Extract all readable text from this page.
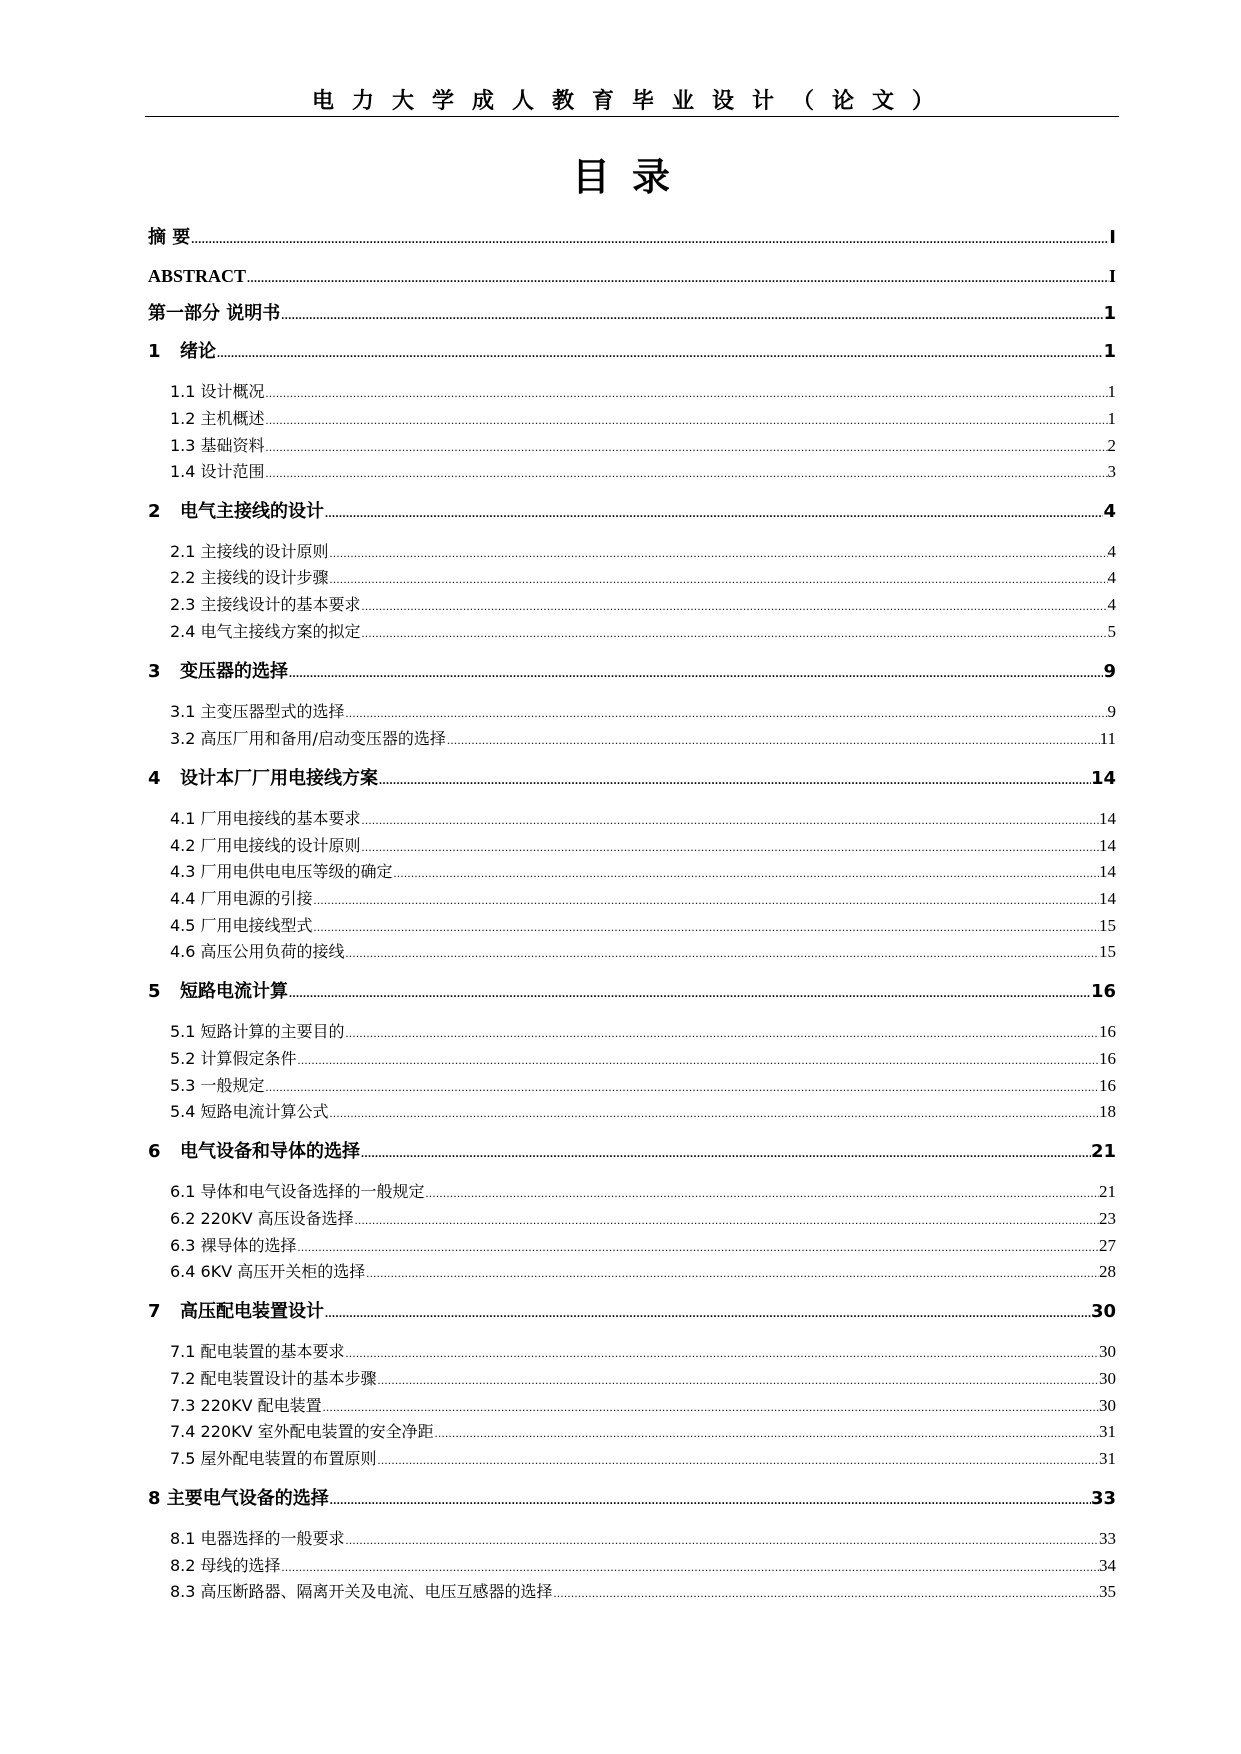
电力大学成人教育毕业设计（论文）
目录
摘 要 .....	I
ABSTRACT .....	I
第一部分 说明书 .....	1
1 绪论 .....	1
1.1 设计概况 .....	1
1.2 主机概述 .....	1
1.3 基础资料 .....	2
1.4 设计范围 .....	3
2 电气主接线的设计 .....	4
2.1 主接线的设计原则 .....	4
2.2 主接线的设计步骤 .....	4
2.3 主接线设计的基本要求 .....	4
2.4 电气主接线方案的拟定 .....	5
3 变压器的选择 .....	9
3.1 主变压器型式的选择 .....	9
3.2 高压厂用和备用/启动变压器的选择 .....	11
4 设计本厂厂用电接线方案 .....	14
4.1 厂用电接线的基本要求 .....	14
4.2 厂用电接线的设计原则 .....	14
4.3 厂用电供电电压等级的确定 .....	14
4.4 厂用电源的引接 .....	14
4.5 厂用电接线型式 .....	15
4.6 高压公用负荷的接线 .....	15
5 短路电流计算 .....	16
5.1 短路计算的主要目的 .....	16
5.2 计算假定条件 .....	16
5.3 一般规定 .....	16
5.4 短路电流计算公式 .....	18
6 电气设备和导体的选择 .....	21
6.1 导体和电气设备选择的一般规定 .....	21
6.2 220KV 高压设备选择 .....	23
6.3 裸导体的选择 .....	27
6.4 6KV 高压开关柜的选择 .....	28
7 高压配电装置设计 .....	30
7.1 配电装置的基本要求 .....	30
7.2 配电装置设计的基本步骤 .....	30
7.3 220KV 配电装置 .....	30
7.4 220KV 室外配电装置的安全净距 .....	31
7.5 屋外配电装置的布置原则 .....	31
8 主要电气设备的选择 .....	33
8.1 电器选择的一般要求 .....	33
8.2 母线的选择 .....	34
8.3 高压断路器、隔离开关及电流、电压互感器的选择 .....	35
